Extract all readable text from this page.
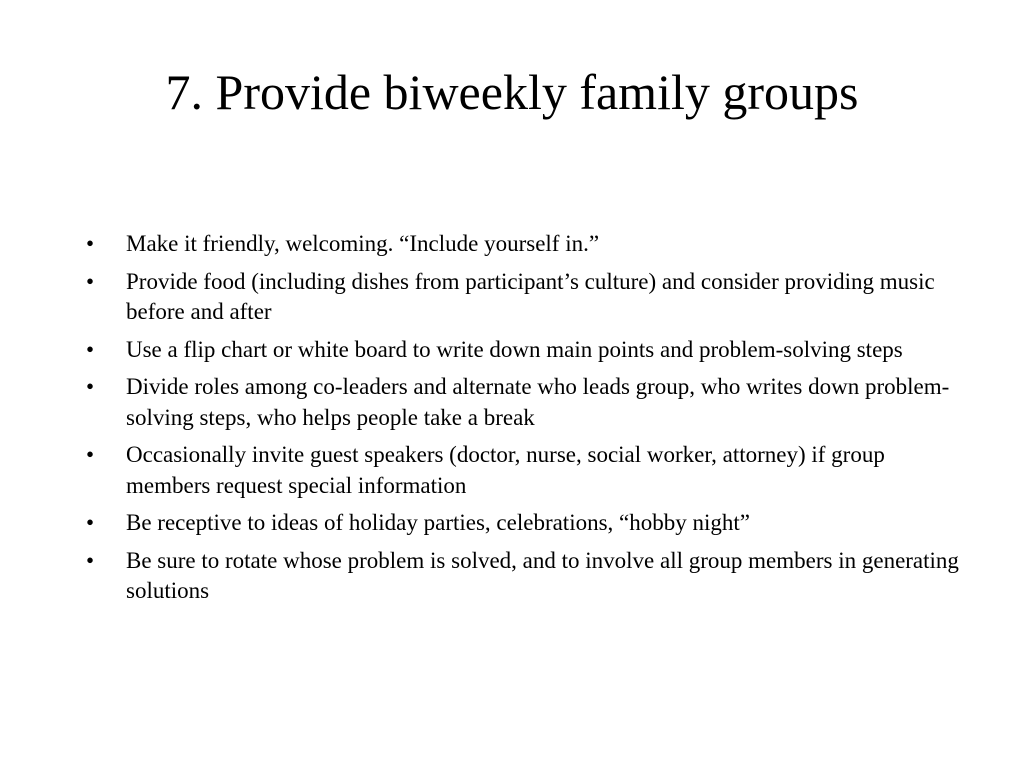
7. Provide biweekly family groups
•	Make it friendly, welcoming. “Include yourself in.”
•	Provide food (including dishes from participant’s culture) and consider providing music before and after
•	Use a flip chart or white board to write down main points and problem-solving steps
•	Divide roles among co-leaders and alternate who leads group, who writes down problem-solving steps, who helps people take a break
•	Occasionally invite guest speakers (doctor, nurse, social worker, attorney) if group members request special information
•	Be receptive to ideas of holiday parties, celebrations, “hobby night”
•	Be sure to rotate whose problem is solved, and to involve all group members in generating solutions
